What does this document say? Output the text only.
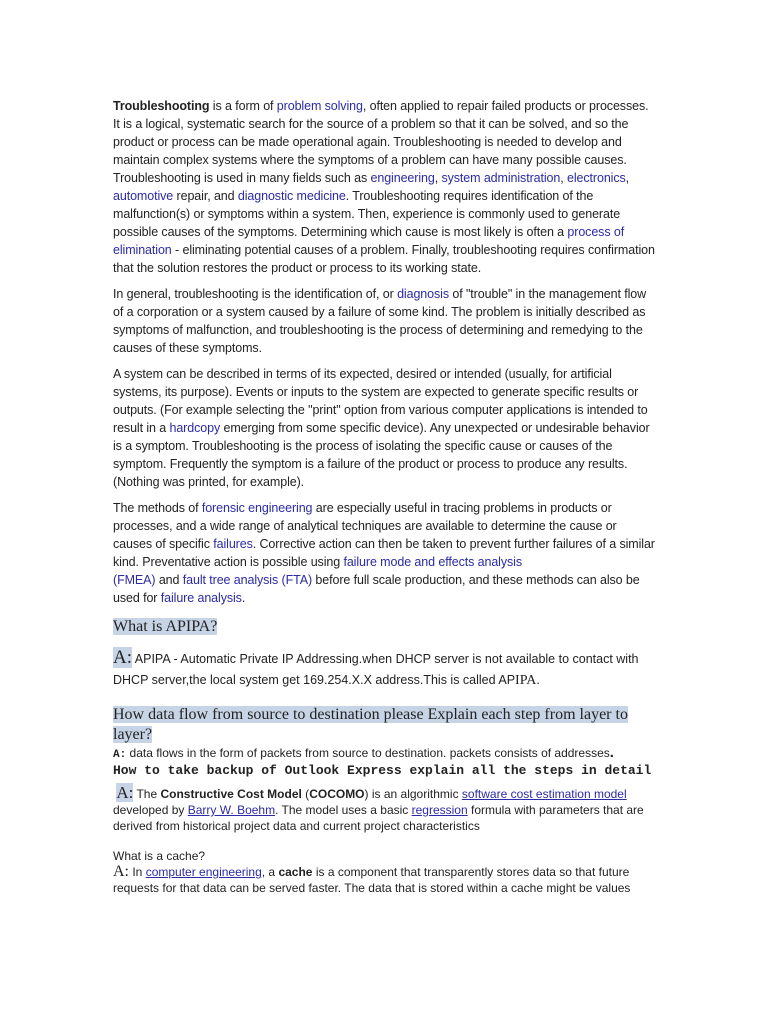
Troubleshooting is a form of problem solving, often applied to repair failed products or processes. It is a logical, systematic search for the source of a problem so that it can be solved, and so the product or process can be made operational again. Troubleshooting is needed to develop and maintain complex systems where the symptoms of a problem can have many possible causes. Troubleshooting is used in many fields such as engineering, system administration, electronics, automotive repair, and diagnostic medicine. Troubleshooting requires identification of the malfunction(s) or symptoms within a system. Then, experience is commonly used to generate possible causes of the symptoms. Determining which cause is most likely is often a process of elimination - eliminating potential causes of a problem. Finally, troubleshooting requires confirmation that the solution restores the product or process to its working state.

In general, troubleshooting is the identification of, or diagnosis of "trouble" in the management flow of a corporation or a system caused by a failure of some kind. The problem is initially described as symptoms of malfunction, and troubleshooting is the process of determining and remedying to the causes of these symptoms.

A system can be described in terms of its expected, desired or intended (usually, for artificial systems, its purpose). Events or inputs to the system are expected to generate specific results or outputs. (For example selecting the "print" option from various computer applications is intended to result in a hardcopy emerging from some specific device). Any unexpected or undesirable behavior is a symptom. Troubleshooting is the process of isolating the specific cause or causes of the symptom. Frequently the symptom is a failure of the product or process to produce any results. (Nothing was printed, for example).

The methods of forensic engineering are especially useful in tracing problems in products or processes, and a wide range of analytical techniques are available to determine the cause or causes of specific failures. Corrective action can then be taken to prevent further failures of a similar kind. Preventative action is possible using failure mode and effects analysis
(FMEA) and fault tree analysis (FTA) before full scale production, and these methods can also be used for failure analysis.

What is APIPA?
A: APIPA - Automatic Private IP Addressing.when DHCP server is not available to contact with DHCP server,the local system get 169.254.X.X address.This is called APIPA.
How data flow from source to destination please Explain each step from layer to layer?
A: data flows in the form of packets from source to destination. packets consists of addresses.
How to take backup of Outlook Express explain all the steps in detail
A: The Constructive Cost Model (COCOMO) is an algorithmic software cost estimation model developed by Barry W. Boehm. The model uses a basic regression formula with parameters that are derived from historical project data and current project characteristics
What is a cache?
A: In computer engineering, a cache is a component that transparently stores data so that future requests for that data can be served faster. The data that is stored within a cache might be values
